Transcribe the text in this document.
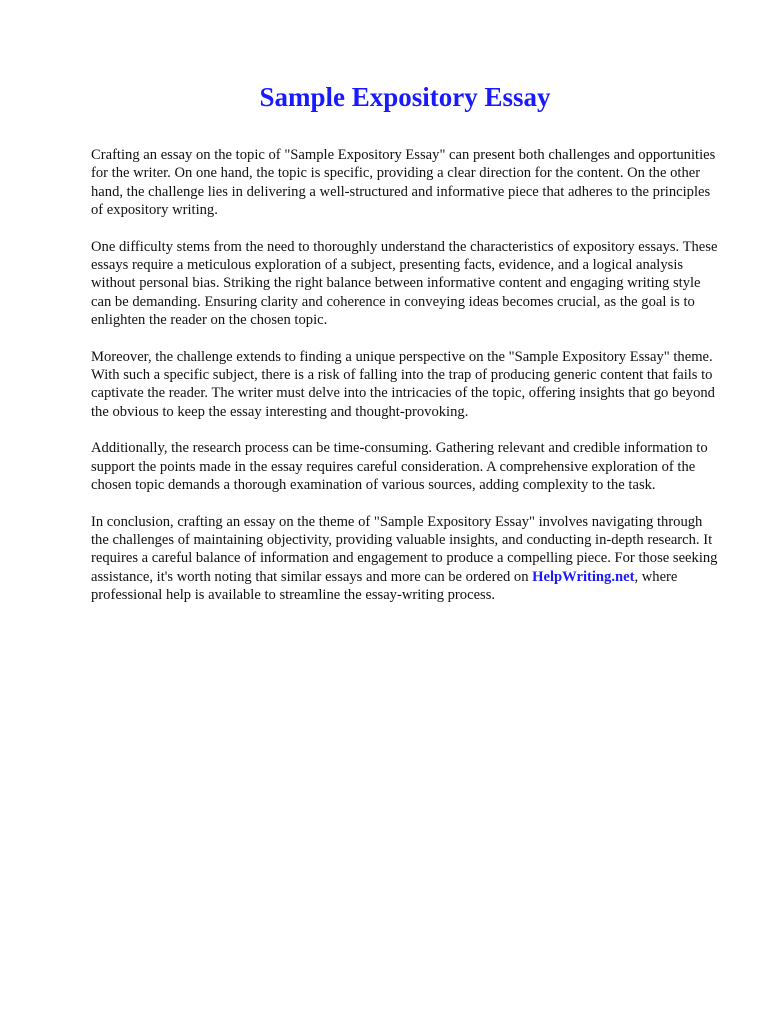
Sample Expository Essay

Crafting an essay on the topic of "Sample Expository Essay" can present both challenges and opportunities for the writer. On one hand, the topic is specific, providing a clear direction for the content. On the other hand, the challenge lies in delivering a well-structured and informative piece that adheres to the principles of expository writing.

One difficulty stems from the need to thoroughly understand the characteristics of expository essays. These essays require a meticulous exploration of a subject, presenting facts, evidence, and a logical analysis without personal bias. Striking the right balance between informative content and engaging writing style can be demanding. Ensuring clarity and coherence in conveying ideas becomes crucial, as the goal is to enlighten the reader on the chosen topic.

Moreover, the challenge extends to finding a unique perspective on the "Sample Expository Essay" theme. With such a specific subject, there is a risk of falling into the trap of producing generic content that fails to captivate the reader. The writer must delve into the intricacies of the topic, offering insights that go beyond the obvious to keep the essay interesting and thought-provoking.

Additionally, the research process can be time-consuming. Gathering relevant and credible information to support the points made in the essay requires careful consideration. A comprehensive exploration of the chosen topic demands a thorough examination of various sources, adding complexity to the task.

In conclusion, crafting an essay on the theme of "Sample Expository Essay" involves navigating through the challenges of maintaining objectivity, providing valuable insights, and conducting in-depth research. It requires a careful balance of information and engagement to produce a compelling piece. For those seeking assistance, it's worth noting that similar essays and more can be ordered on HelpWriting.net, where professional help is available to streamline the essay-writing process.
